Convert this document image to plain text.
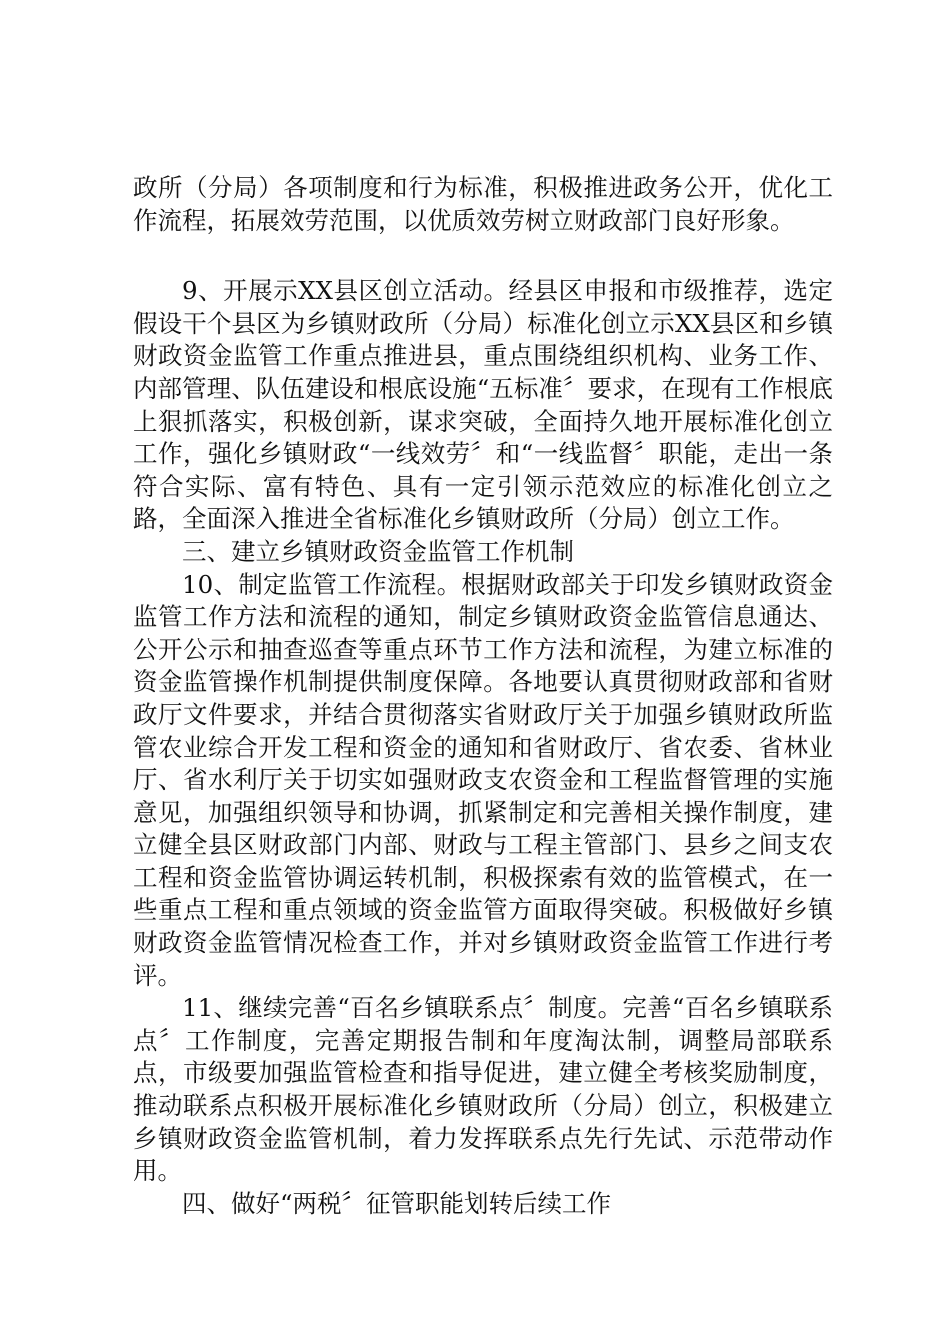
政所（分局）各项制度和行为标准，积极推进政务公开，优化工作流程，拓展效劳范围，以优质效劳树立财政部门良好形象。

9、开展示XX县区创立活动。经县区申报和市级推荐，选定假设干个县区为乡镇财政所（分局）标准化创立示XX县区和乡镇财政资金监管工作重点推进县，重点围绕组织机构、业务工作、内部管理、队伍建设和根底设施“五标准〞要求，在现有工作根底上狠抓落实，积极创新，谋求突破，全面持久地开展标准化创立工作，强化乡镇财政“一线效劳〞和“一线监督〞职能，走出一条符合实际、富有特色、具有一定引领示范效应的标准化创立之路，全面深入推进全省标准化乡镇财政所（分局）创立工作。

三、建立乡镇财政资金监管工作机制

10、制定监管工作流程。根据财政部关于印发乡镇财政资金监管工作方法和流程的通知，制定乡镇财政资金监管信息通达、公开公示和抽查巡查等重点环节工作方法和流程，为建立标准的资金监管操作机制提供制度保障。各地要认真贯彻财政部和省财政厅文件要求，并结合贯彻落实省财政厅关于加强乡镇财政所监管农业综合开发工程和资金的通知和省财政厅、省农委、省林业厅、省水利厅关于切实如强财政支农资金和工程监督管理的实施意见，加强组织领导和协调，抓紧制定和完善相关操作制度，建立健全县区财政部门内部、财政与工程主管部门、县乡之间支农工程和资金监管协调运转机制，积极探索有效的监管模式，在一些重点工程和重点领域的资金监管方面取得突破。积极做好乡镇财政资金监管情况检查工作，并对乡镇财政资金监管工作进行考评。

11、继续完善“百名乡镇联系点〞制度。完善“百名乡镇联系点〞工作制度，完善定期报告制和年度淘汰制，调整局部联系点，市级要加强监管检查和指导促进，建立健全考核奖励制度，推动联系点积极开展标准化乡镇财政所（分局）创立，积极建立乡镇财政资金监管机制，着力发挥联系点先行先试、示范带动作用。

四、做好“两税〞征管职能划转后续工作
